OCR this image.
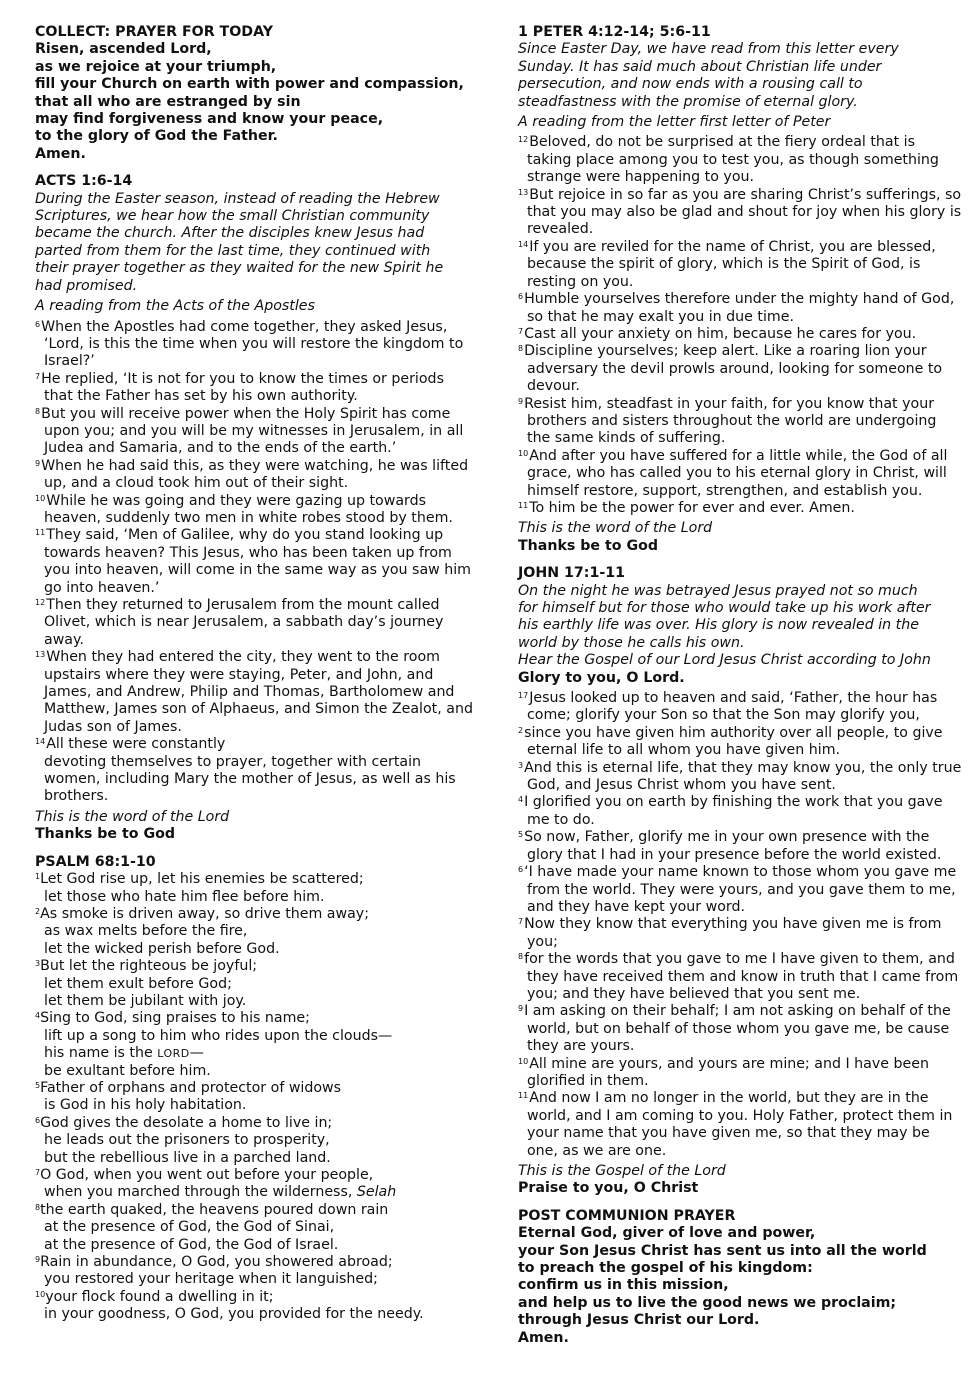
COLLECT: PRAYER FOR TODAY
Risen, ascended Lord,
as we rejoice at your triumph,
fill your Church on earth with power and compassion,
that all who are estranged by sin
may find forgiveness and know your peace,
to the glory of God the Father.
Amen.
ACTS 1:6-14
During the Easter season, instead of reading the Hebrew
Scriptures, we hear how the small Christian community
became the church. After the disciples knew Jesus had
parted from them for the last time, they continued with
their prayer together as they waited for the new Spirit he
had promised.
A reading from the Acts of the Apostles
$^6$When the Apostles had come together, they asked Jesus, ‘Lord, is this the time when you will restore the kingdom to Israel?’
$^7$He replied, ‘It is not for you to know the times or periods that the Father has set by his own authority.
$^8$But you will receive power when the Holy Spirit has come upon you; and you will be my witnesses in Jerusalem, in all Judea and Samaria, and to the ends of the earth.’
$^9$When he had said this, as they were watching, he was lifted up, and a cloud took him out of their sight.
$^{10}$While he was going and they were gazing up towards heaven, suddenly two men in white robes stood by them.
$^{11}$They said, ‘Men of Galilee, why do you stand looking up towards heaven? This Jesus, who has been taken up from you into heaven, will come in the same way as you saw him go into heaven.’
$^{12}$Then they returned to Jerusalem from the mount called Olivet, which is near Jerusalem, a sabbath day’s journey away.
$^{13}$When they had entered the city, they went to the room upstairs where they were staying, Peter, and John, and James, and Andrew, Philip and Thomas, Bartholomew and Matthew, James son of Alphaeus, and Simon the Zealot, and Judas son of James.
$^{14}$All these were constantly
devoting themselves to prayer, together with certain women, including Mary the mother of Jesus, as well as his brothers.
This is the word of the Lord
Thanks be to God
PSALM 68:1-10
$^1$Let God rise up, let his enemies be scattered;
let those who hate him flee before him.
$^2$As smoke is driven away, so drive them away;
as wax melts before the fire,
let the wicked perish before God.
$^3$But let the righteous be joyful;
let them exult before God;
let them be jubilant with joy.
$^4$Sing to God, sing praises to his name;
lift up a song to him who rides upon the clouds—
his name is the LORD—
be exultant before him.
$^5$Father of orphans and protector of widows
is God in his holy habitation.
$^6$God gives the desolate a home to live in;
he leads out the prisoners to prosperity,
but the rebellious live in a parched land.
$^7$O God, when you went out before your people,
when you marched through the wilderness, Selah
$^8$the earth quaked, the heavens poured down rain
at the presence of God, the God of Sinai,
at the presence of God, the God of Israel.
$^9$Rain in abundance, O God, you showered abroad;
you restored your heritage when it languished;
$^{10}$your flock found a dwelling in it;
in your goodness, O God, you provided for the needy.
1 PETER 4:12-14; 5:6-11
Since Easter Day, we have read from this letter every
Sunday. It has said much about Christian life under
persecution, and now ends with a rousing call to
steadfastness with the promise of eternal glory.
A reading from the letter first letter of Peter
$^{12}$Beloved, do not be surprised at the fiery ordeal that is taking place among you to test you, as though something strange were happening to you.
$^{13}$But rejoice in so far as you are sharing Christ’s sufferings, so that you may also be glad and shout for joy when his glory is revealed.
$^{14}$If you are reviled for the name of Christ, you are blessed, because the spirit of glory, which is the Spirit of God, is resting on you.
$^6$Humble yourselves therefore under the mighty hand of God, so that he may exalt you in due time.
$^7$Cast all your anxiety on him, because he cares for you.
$^8$Discipline yourselves; keep alert. Like a roaring lion your adversary the devil prowls around, looking for someone to devour.
$^9$Resist him, steadfast in your faith, for you know that your brothers and sisters throughout the world are undergoing the same kinds of suffering.
$^{10}$And after you have suffered for a little while, the God of all grace, who has called you to his eternal glory in Christ, will himself restore, support, strengthen, and establish you.
$^{11}$To him be the power for ever and ever. Amen.
This is the word of the Lord
Thanks be to God
JOHN 17:1-11
On the night he was betrayed Jesus prayed not so much
for himself but for those who would take up his work after
his earthly life was over. His glory is now revealed in the
world by those he calls his own.
Hear the Gospel of our Lord Jesus Christ according to John
Glory to you, O Lord.
$^{17}$Jesus looked up to heaven and said, ‘Father, the hour has come; glorify your Son so that the Son may glorify you,
$^2$since you have given him authority over all people, to give eternal life to all whom you have given him.
$^3$And this is eternal life, that they may know you, the only true God, and Jesus Christ whom you have sent.
$^4$I glorified you on earth by finishing the work that you gave me to do.
$^5$So now, Father, glorify me in your own presence with the glory that I had in your presence before the world existed.
$^6$‘I have made your name known to those whom you gave me from the world. They were yours, and you gave them to me, and they have kept your word.
$^7$Now they know that everything you have given me is from you;
$^8$for the words that you gave to me I have given to them, and they have received them and know in truth that I came from you; and they have believed that you sent me.
$^9$I am asking on their behalf; I am not asking on behalf of the world, but on behalf of those whom you gave me, be cause they are yours.
$^{10}$All mine are yours, and yours are mine; and I have been glorified in them.
$^{11}$And now I am no longer in the world, but they are in the world, and I am coming to you. Holy Father, protect them in your name that you have given me, so that they may be one, as we are one.
This is the Gospel of the Lord
Praise to you, O Christ
POST COMMUNION PRAYER
Eternal God, giver of love and power,
your Son Jesus Christ has sent us into all the world
to preach the gospel of his kingdom:
confirm us in this mission,
and help us to live the good news we proclaim;
through Jesus Christ our Lord.
Amen.
